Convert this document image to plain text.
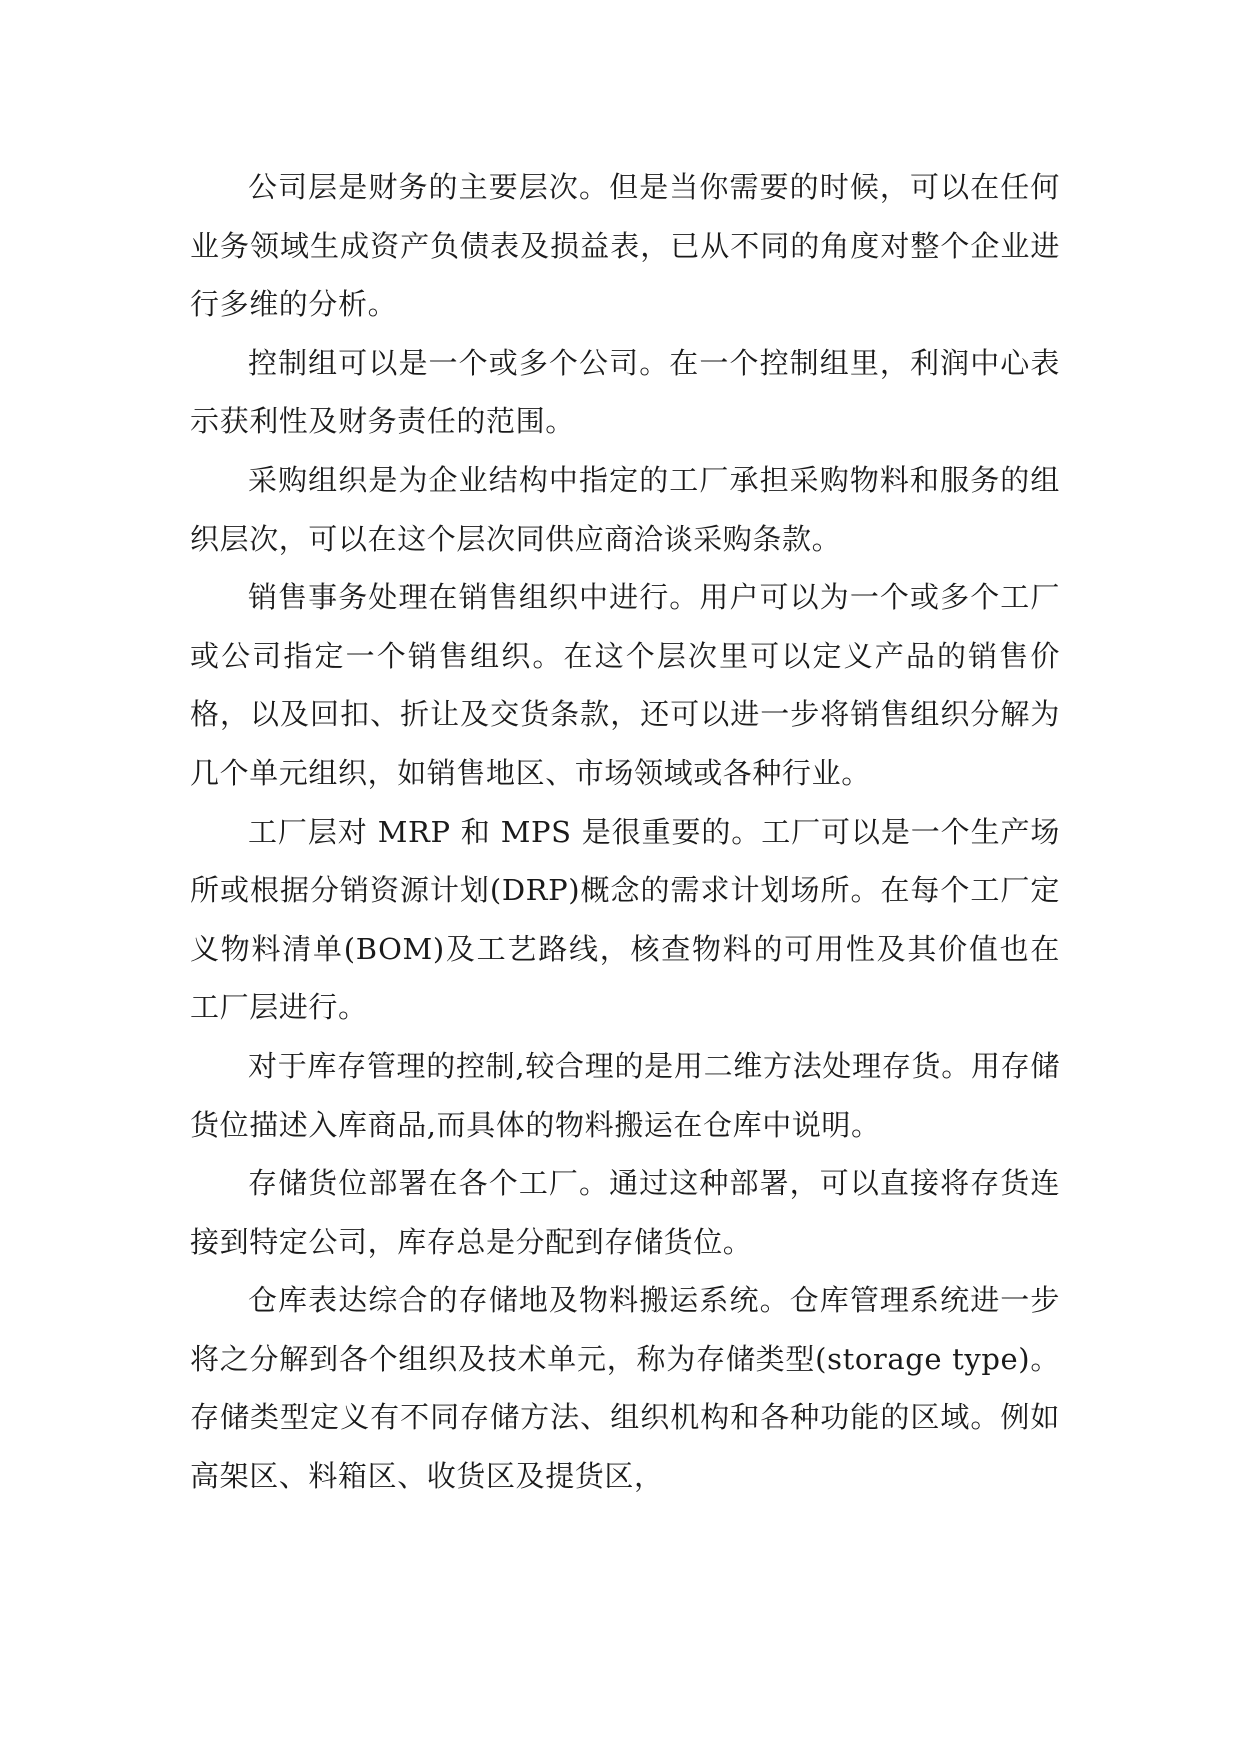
公司层是财务的主要层次。但是当你需要的时候，可以在任何业务领域生成资产负债表及损益表，已从不同的角度对整个企业进行多维的分析。

控制组可以是一个或多个公司。在一个控制组里，利润中心表示获利性及财务责任的范围。

采购组织是为企业结构中指定的工厂承担采购物料和服务的组织层次，可以在这个层次同供应商洽谈采购条款。

销售事务处理在销售组织中进行。用户可以为一个或多个工厂或公司指定一个销售组织。在这个层次里可以定义产品的销售价格，以及回扣、折让及交货条款，还可以进一步将销售组织分解为几个单元组织，如销售地区、市场领域或各种行业。

工厂层对 MRP 和 MPS 是很重要的。工厂可以是一个生产场所或根据分销资源计划(DRP)概念的需求计划场所。在每个工厂定义物料清单(BOM)及工艺路线，核查物料的可用性及其价值也在工厂层进行。

对于库存管理的控制,较合理的是用二维方法处理存货。用存储货位描述入库商品,而具体的物料搬运在仓库中说明。

存储货位部署在各个工厂。通过这种部署，可以直接将存货连接到特定公司，库存总是分配到存储货位。

仓库表达综合的存储地及物料搬运系统。仓库管理系统进一步将之分解到各个组织及技术单元，称为存储类型(storage type)。存储类型定义有不同存储方法、组织机构和各种功能的区域。例如高架区、料箱区、收货区及提货区，
